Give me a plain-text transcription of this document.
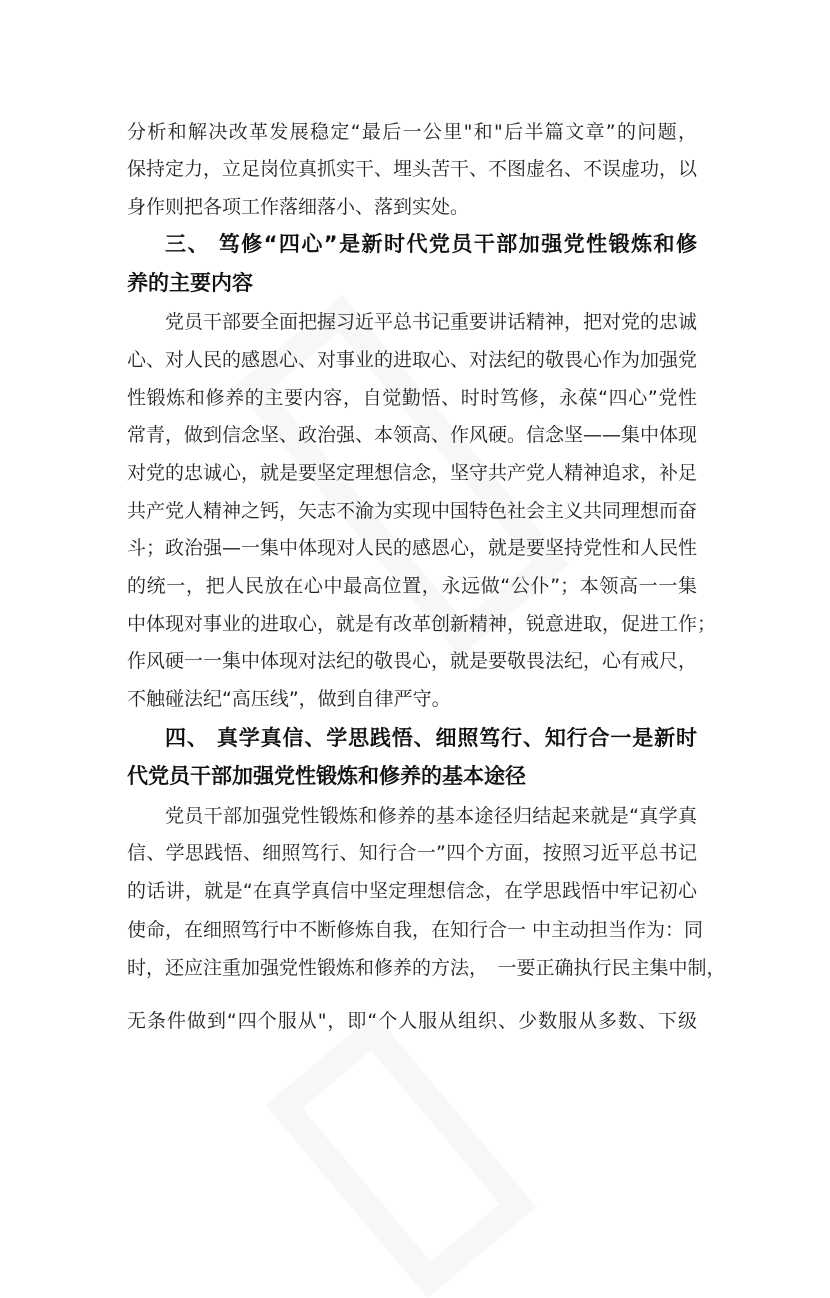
分析和解决改革发展稳定“最后一公里"和"后半篇文章”的问题，
保持定力，立足岗位真抓实干、埋头苦干、不图虚名、不误虚功，以
身作则把各项工作落细落小、落到实处。
三、 笃修“四心”是新时代党员干部加强党性锻炼和修
养的主要内容
党员干部要全面把握习近平总书记重要讲话精神，把对党的忠诚
心、对人民的感恩心、对事业的进取心、对法纪的敬畏心作为加强党
性锻炼和修养的主要内容，自觉勤悟、时时笃修，永葆“四心”党性
常青，做到信念坚、政治强、本领高、作风硬。信念坚——集中体现
对党的忠诚心，就是要坚定理想信念，坚守共产党人精神追求，补足
共产党人精神之钙，矢志不渝为实现中国特色社会主义共同理想而奋
斗；政治强—一集中体现对人民的感恩心，就是要坚持党性和人民性
的统一，把人民放在心中最高位置，永远做“公仆”；本领高一一集
中体现对事业的进取心，就是有改革创新精神，锐意进取，促进工作；
作风硬一一集中体现对法纪的敬畏心，就是要敬畏法纪，心有戒尺，
不触碰法纪“高压线”，做到自律严守。
四、 真学真信、学思践悟、细照笃行、知行合一是新时
代党员干部加强党性锻炼和修养的基本途径
党员干部加强党性锻炼和修养的基本途径归结起来就是“真学真
信、学思践悟、细照笃行、知行合一”四个方面，按照习近平总书记
的话讲，就是“在真学真信中坚定理想信念，在学思践悟中牢记初心
使命，在细照笃行中不断修炼自我，在知行合一 中主动担当作为：同
时，还应注重加强党性锻炼和修养的方法，　一要正确执行民主集中制，
无条件做到“四个服从"，即“个人服从组织、少数服从多数、下级
